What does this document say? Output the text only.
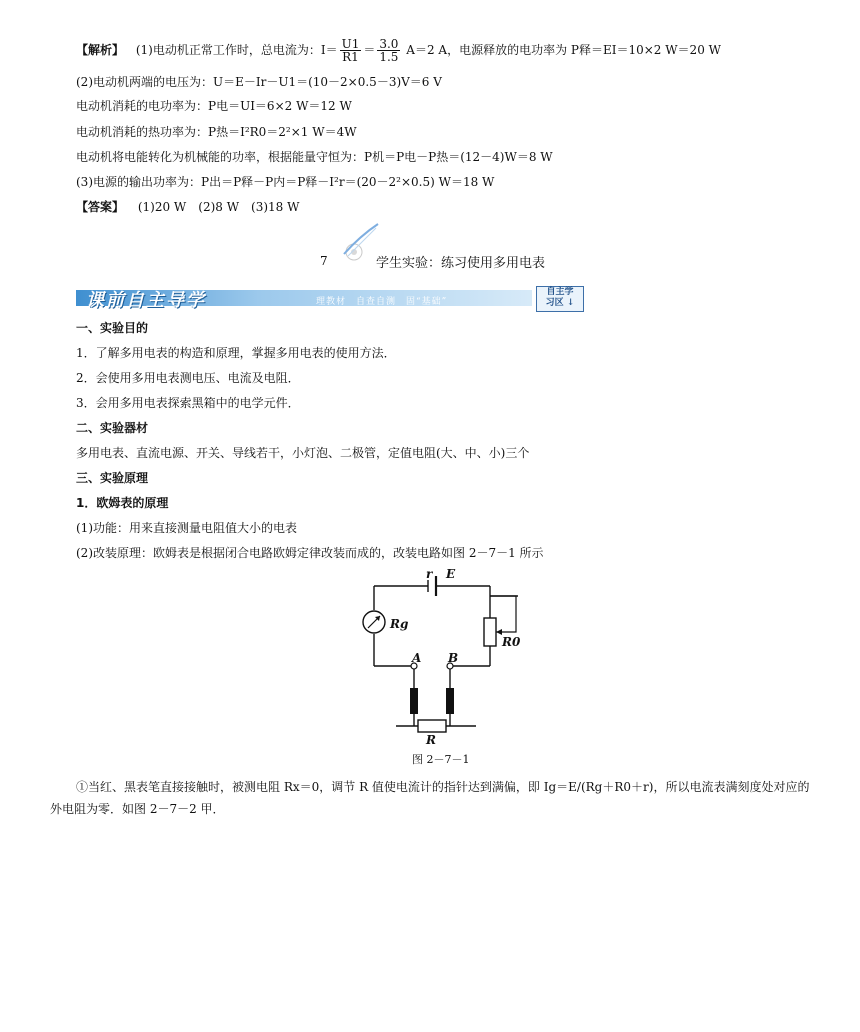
【解析】 (1)电动机正常工作时，总电流为：$I= \frac{U1}{R1} = \frac{3.0}{1.5} A=2$ A，电源释放的电功率为 P释＝EI＝10×2 W＝20 W
(2)电动机两端的电压为：U＝E－Ir－U1＝(10－2×0.5－3)V＝6 V
电动机消耗的电功率为：P电＝UI＝6×2 W＝12 W
电动机消耗的热功率为：P热＝I²R0＝2²×1 W＝4W
电动机将电能转化为机械能的功率，根据能量守恒为：P机＝P电－P热＝(12－4)W＝8 W
(3)电源的输出功率为：P出＝P释－P内＝P释－I²r＝(20－2²×0.5) W＝18 W
【答案】 (1)20 W　(2)8 W　(3)18 W
7	学生实验：练习使用多用电表
课前自主导学	理教材　自查自测　固“基础”
自主学
习区 ↓
一、实验目的
1．了解多用电表的构造和原理，掌握多用电表的使用方法．
2．会使用多用电表测电压、电流及电阻．
3．会用多用电表探索黑箱中的电学元件．
二、实验器材
多用电表、直流电源、开关、导线若干，小灯泡、二极管，定值电阻(大、中、小)三个
三、实验原理
1．欧姆表的原理
(1)功能：用来直接测量电阻值大小的电表
(2)改装原理：欧姆表是根据闭合电路欧姆定律改装而成的，改装电路如图 2－7－1 所示
r E
Rg
R0
A B
R
图 2－7－1
①当红、黑表笔直接接触时，被测电阻 Rx＝0，调节 R 值使电流计的指针达到满偏，即 Ig＝E/(Rg＋R0＋r)，所以电流表满刻度处对应的外电阻为零．如图 2－7－2 甲．
